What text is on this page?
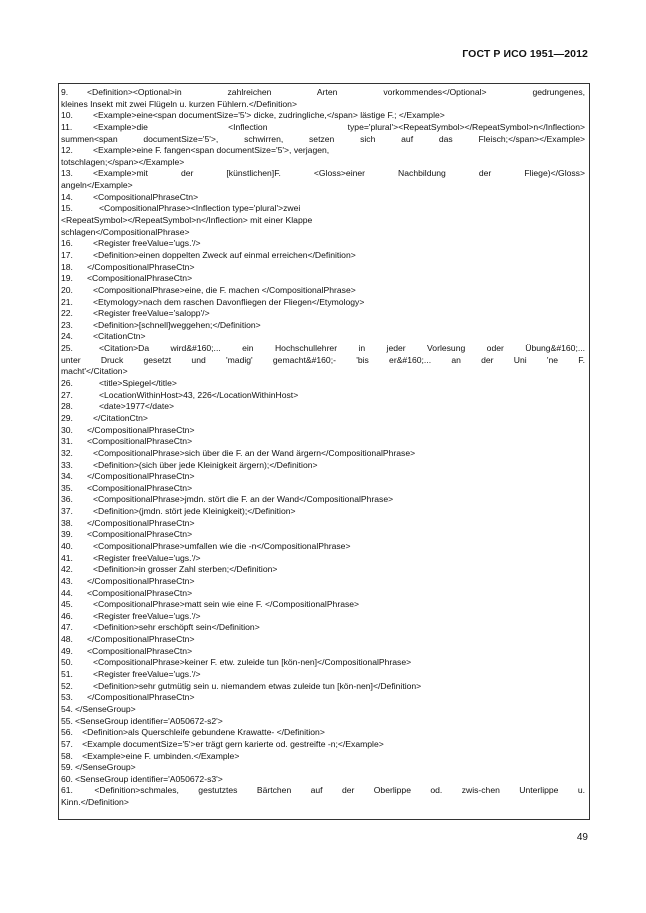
ГОСТ Р ИСО 1951—2012
9. <Definition><Optional>in zahlreichen Arten vorkommendes</Optional> gedrungenes,
kleines Insekt mit zwei Flügeln u. kurzen Fühlern.</Definition>
10. <Example>eine<span documentSize='5'> dicke, zudringliche,</span> lästige F.; </Example>
11. <Example>die <Inflection type='plural'><RepeatSymbol></RepeatSymbol>n</Inflection>
summen<span documentSize='5'>, schwirren, setzen sich auf das Fleisch;</span></Example>
12. <Example>eine F. fangen<span documentSize='5'>, verjagen,
totschlagen;</span></Example>
13. <Example>mit der [künstlichen]F. <Gloss>einer Nachbildung der Fliege)</Gloss>
angeln</Example>
14. <CompositionalPhraseCtn>
15.	<CompositionalPhrase><Inflection type='plural'>zwei
<RepeatSymbol></RepeatSymbol>n</Inflection> mit einer Klappe
schlagen</CompositionalPhrase>
16. <Register freeValue='ugs.'/>
17. <Definition>einen doppelten Zweck auf einmal erreichen</Definition>
18. </CompositionalPhraseCtn>
19. <CompositionalPhraseCtn>
20. <CompositionalPhrase>eine, die F. machen </CompositionalPhrase>
21. <Etymology>nach dem raschen Davonfliegen der Fliegen</Etymology>
22. <Register freeValue='salopp'/>
23. <Definition>[schnell]weggehen;</Definition>
24. <CitationCtn>
25.	<Citation>Da wird&#160;... ein Hochschullehrer in jeder Vorlesung oder Übung&#160;...
unter Druck gesetzt und 'madig' gemacht&#160;- 'bis er&#160;... an der Uni 'ne F.
macht'</Citation>
26.	<title>Spiegel</title>
27.	<LocationWithinHost>43, 226</LocationWithinHost>
28.	<date>1977</date>
29. </CitationCtn>
30. </CompositionalPhraseCtn>
31. <CompositionalPhraseCtn>
32. <CompositionalPhrase>sich über die F. an der Wand ärgern</CompositionalPhrase>
33. <Definition>(sich über jede Kleinigkeit ärgern);</Definition>
34. </CompositionalPhraseCtn>
35. <CompositionalPhraseCtn>
36. <CompositionalPhrase>jmdn. stört die F. an der Wand</CompositionalPhrase>
37. <Definition>(jmdn. stört jede Kleinigkeit);</Definition>
38. </CompositionalPhraseCtn>
39. <CompositionalPhraseCtn>
40. <CompositionalPhrase>umfallen wie die -n</CompositionalPhrase>
41. <Register freeValue='ugs.'/>
42. <Definition>in grosser Zahl sterben;</Definition>
43. </CompositionalPhraseCtn>
44. <CompositionalPhraseCtn>
45. <CompositionalPhrase>matt sein wie eine F. </CompositionalPhrase>
46. <Register freeValue='ugs.'/>
47. <Definition>sehr erschöpft sein</Definition>
48. </CompositionalPhraseCtn>
49. <CompositionalPhraseCtn>
50. <CompositionalPhrase>keiner F. etw. zuleide tun [kön-nen]</CompositionalPhrase>
51. <Register freeValue='ugs.'/>
52. <Definition>sehr gutmütig sein u. niemandem etwas zuleide tun [kön-nen]</Definition>
53. </CompositionalPhraseCtn>
54. </SenseGroup>
55. <SenseGroup identifier='A050672-s2'>
56.   <Definition>als Querschleife gebundene Krawatte- </Definition>
57.   <Example documentSize='5'>er trägt gern karierte od. gestreifte -n;</Example>
58.   <Example>eine F. umbinden.</Example>
59. </SenseGroup>
60. <SenseGroup identifier='A050672-s3'>
61. <Definition>schmales, gestutztes Bärtchen auf der Oberlippe od. zwis-chen Unterlippe u.
Kinn.</Definition>
49
